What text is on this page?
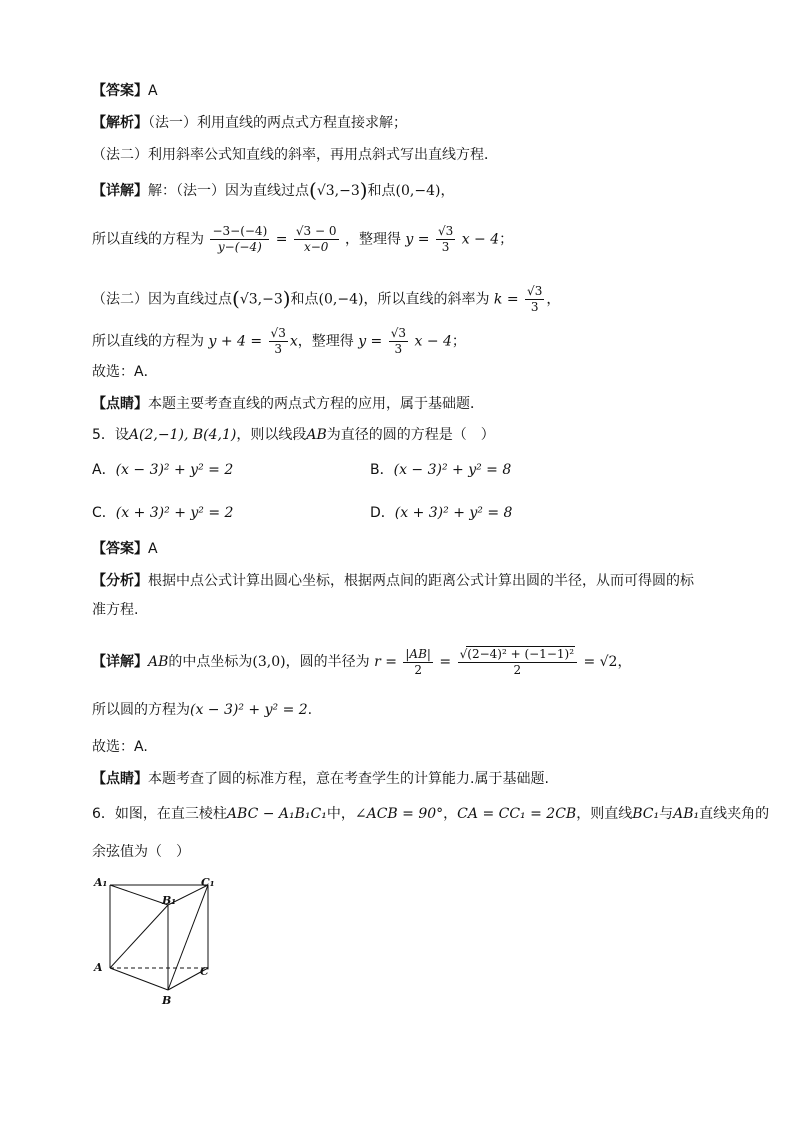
【答案】A
【解析】（法一）利用直线的两点式方程直接求解；
（法二）利用斜率公式知直线的斜率，再用点斜式写出直线方程．
【详解】解：（法一）因为直线过点(√3,−3)和点(0,−4)，
所以直线的方程为 $\frac{-3-(-4)}{y-(-4)} = \frac{√3 - 0}{x-0}$ ，整理得 $y = \frac{√3}{3}$ x − 4；
（法二）因为直线过点(√3,−3)和点(0,−4)，所以直线的斜率为 $k = \frac{√3}{3}$ ，
所以直线的方程为 $y + 4 = \frac{√3}{3}$ x，整理得 $y = \frac{√3}{3}$ x − 4；
故选：A．
【点睛】本题主要考查直线的两点式方程的应用，属于基础题．
5．设A(2,−1), B(4,1)，则以线段AB为直径的圆的方程是（　）
A．(x − 3)² + y² = 2	B．(x − 3)² + y² = 8
C．(x + 3)² + y² = 2	D．(x + 3)² + y² = 8
【答案】A
【分析】根据中点公式计算出圆心坐标，根据两点间的距离公式计算出圆的半径，从而可得圆的标
准方程.
【详解】AB的中点坐标为(3,0)，圆的半径为 $r = \frac{|AB|}{2} = \frac{\text{√(2−4)² + (−1−1)²}}{2} = √2$，
所以圆的方程为(x − 3)² + y² = 2.
故选：A.
【点睛】本题考查了圆的标准方程，意在考查学生的计算能力.属于基础题.
6．如图，在直三棱柱ABC − A₁B₁C₁中，∠ACB = 90°，CA = CC₁ = 2CB，则直线BC₁与AB₁直线夹角的
余弦值为（　）
A₁
B₁
C₁
A
B
C
